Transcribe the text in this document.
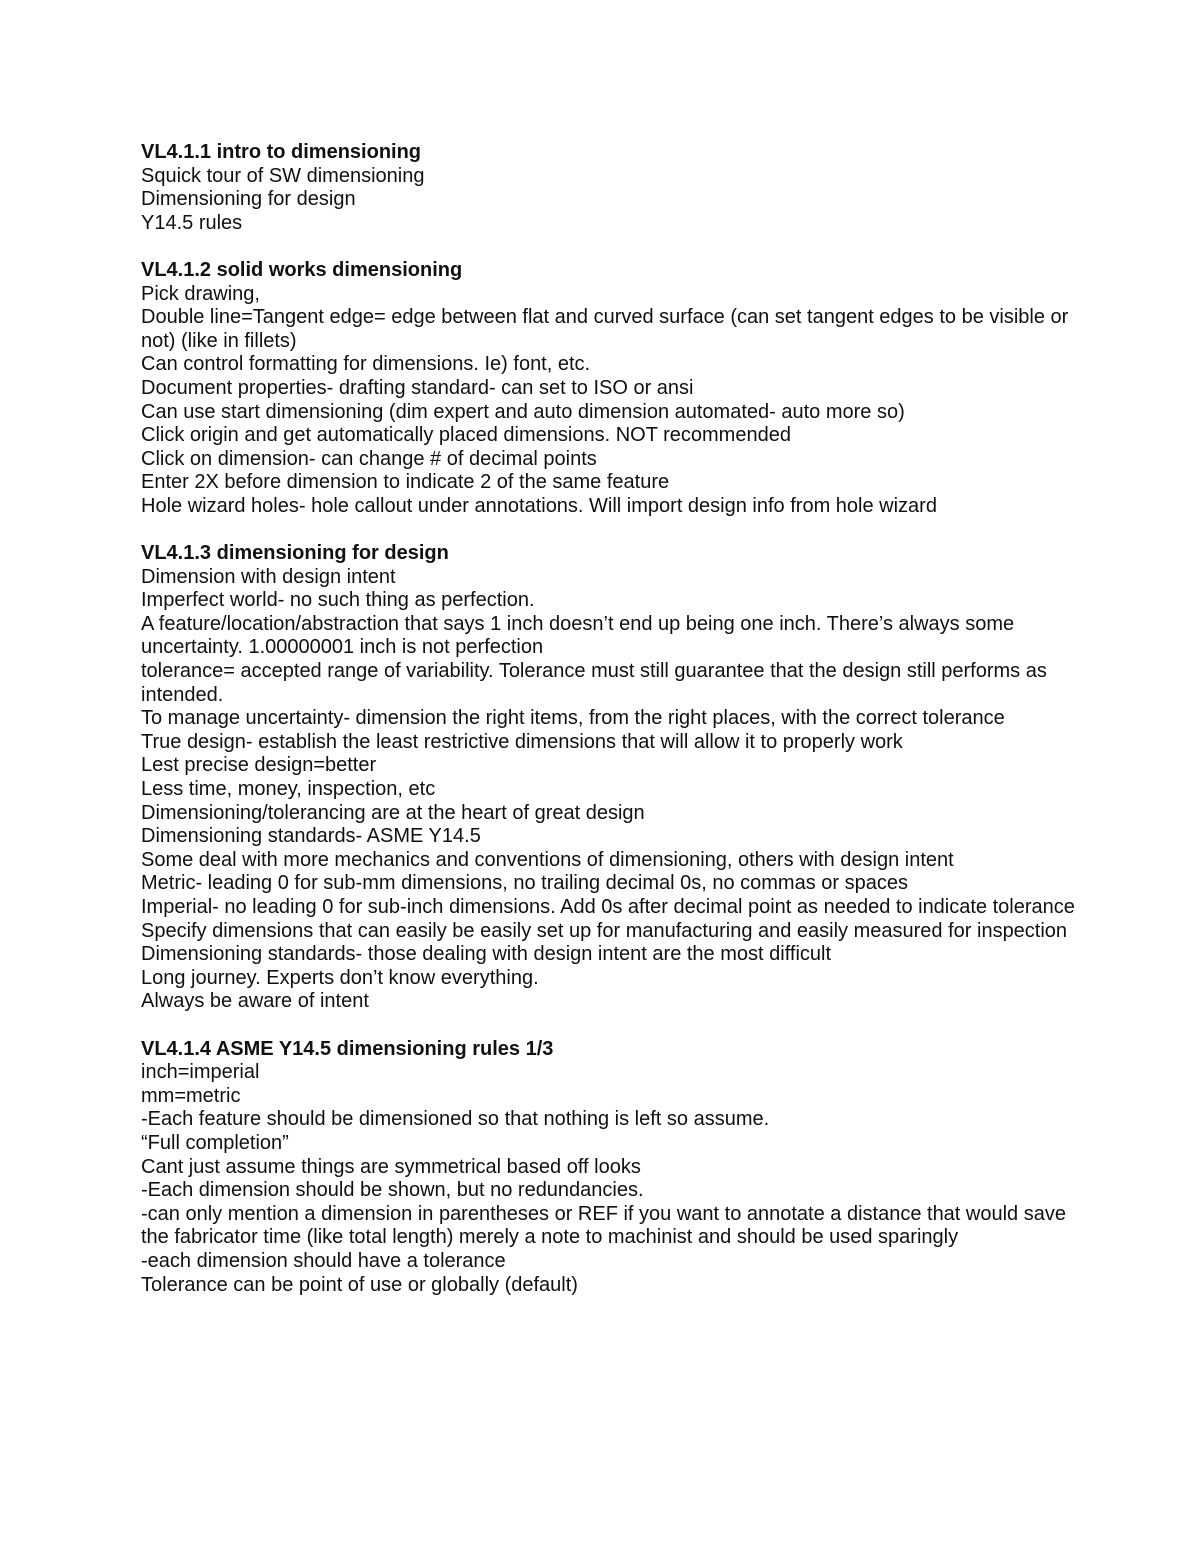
VL4.1.1 intro to dimensioning

Squick tour of SW dimensioning

Dimensioning for design

Y14.5 rules

VL4.1.2 solid works dimensioning

Pick drawing,

Double line=Tangent edge= edge between flat and curved surface (can set tangent edges to be visible or not) (like in fillets)

Can control formatting for dimensions. Ie) font, etc.

Document properties- drafting standard- can set to ISO or ansi

Can use start dimensioning (dim expert and auto dimension automated- auto more so)

Click origin and get automatically placed dimensions. NOT recommended

Click on dimension- can change # of decimal points

Enter 2X before dimension to indicate 2 of the same feature

Hole wizard holes- hole callout under annotations. Will import design info from hole wizard

VL4.1.3 dimensioning for design

Dimension with design intent

Imperfect world- no such thing as perfection.

A feature/location/abstraction that says 1 inch doesn’t end up being one inch. There’s always some uncertainty. 1.00000001 inch is not perfection

tolerance= accepted range of variability. Tolerance must still guarantee that the design still performs as intended.

To manage uncertainty- dimension the right items, from the right places, with the correct tolerance

True design- establish the least restrictive dimensions that will allow it to properly work

Lest precise design=better

Less time, money, inspection, etc

Dimensioning/tolerancing are at the heart of great design

Dimensioning standards- ASME Y14.5

Some deal with more mechanics and conventions of dimensioning, others with design intent

Metric- leading 0 for sub-mm dimensions, no trailing decimal 0s, no commas or spaces

Imperial- no leading 0 for sub-inch dimensions. Add 0s after decimal point as needed to indicate tolerance

Specify dimensions that can easily be easily set up for manufacturing and easily measured for inspection

Dimensioning standards- those dealing with design intent are the most difficult

Long journey. Experts don’t know everything.

Always be aware of intent

VL4.1.4 ASME Y14.5 dimensioning rules 1/3

inch=imperial

mm=metric

-Each feature should be dimensioned so that nothing is left so assume.

“Full completion”

Cant just assume things are symmetrical based off looks

-Each dimension should be shown, but no redundancies.

-can only mention a dimension in parentheses or REF if you want to annotate a distance that would save the fabricator time (like total length) merely a note to machinist and should be used sparingly

-each dimension should have a tolerance

Tolerance can be point of use or globally (default)
